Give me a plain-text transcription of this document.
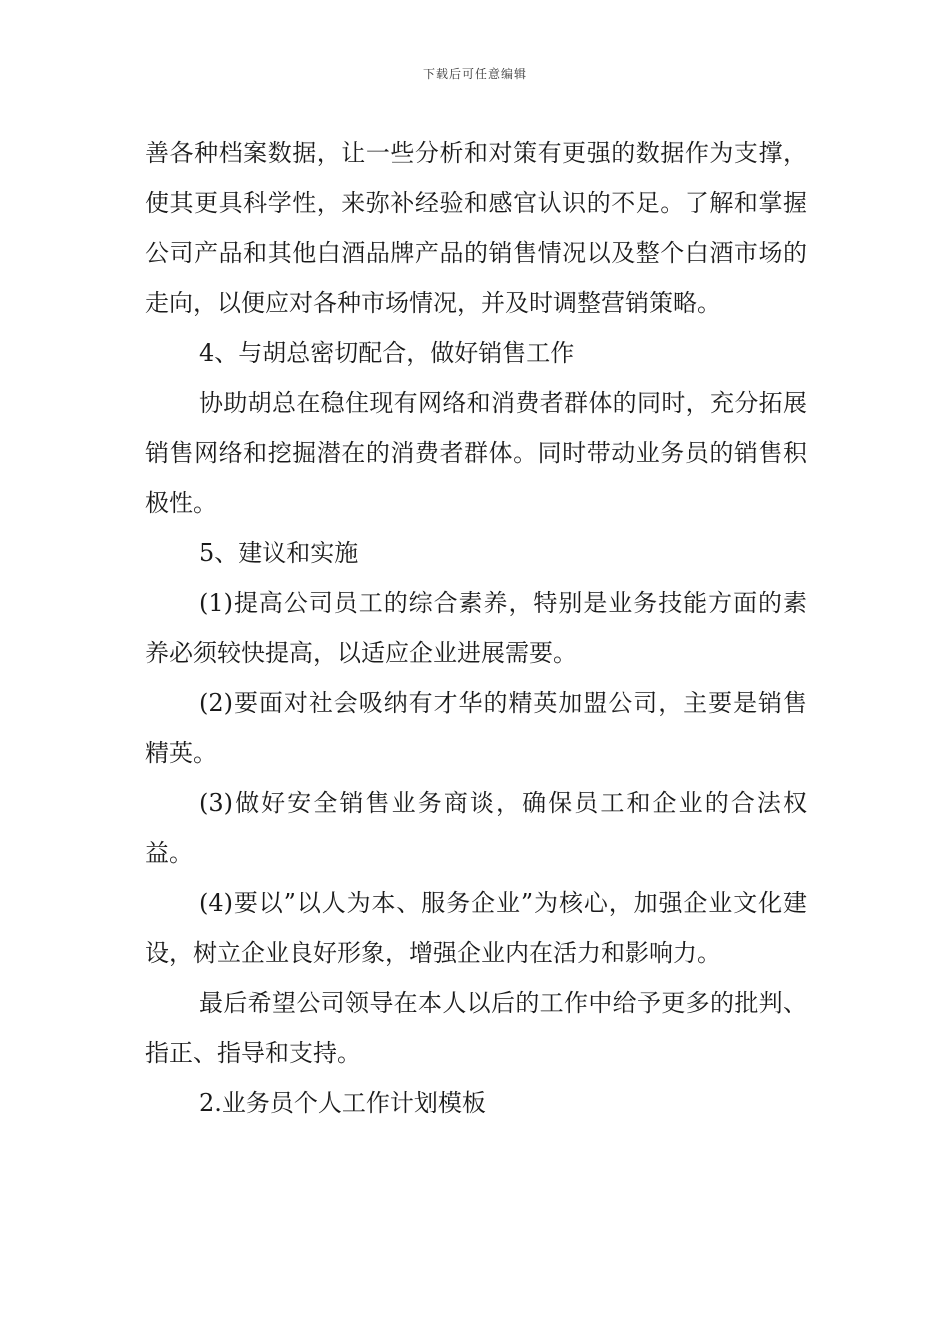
下载后可任意编辑

善各种档案数据，让一些分析和对策有更强的数据作为支撑，使其更具科学性，来弥补经验和感官认识的不足。了解和掌握公司产品和其他白酒品牌产品的销售情况以及整个白酒市场的走向，以便应对各种市场情况，并及时调整营销策略。

4、与胡总密切配合，做好销售工作

协助胡总在稳住现有网络和消费者群体的同时，充分拓展销售网络和挖掘潜在的消费者群体。同时带动业务员的销售积极性。

5、建议和实施

(1)提高公司员工的综合素养，特别是业务技能方面的素养必须较快提高，以适应企业进展需要。

(2)要面对社会吸纳有才华的精英加盟公司，主要是销售精英。

(3)做好安全销售业务商谈，确保员工和企业的合法权益。

(4)要以”以人为本、服务企业”为核心，加强企业文化建设，树立企业良好形象，增强企业内在活力和影响力。

最后希望公司领导在本人以后的工作中给予更多的批判、指正、指导和支持。

2.业务员个人工作计划模板
